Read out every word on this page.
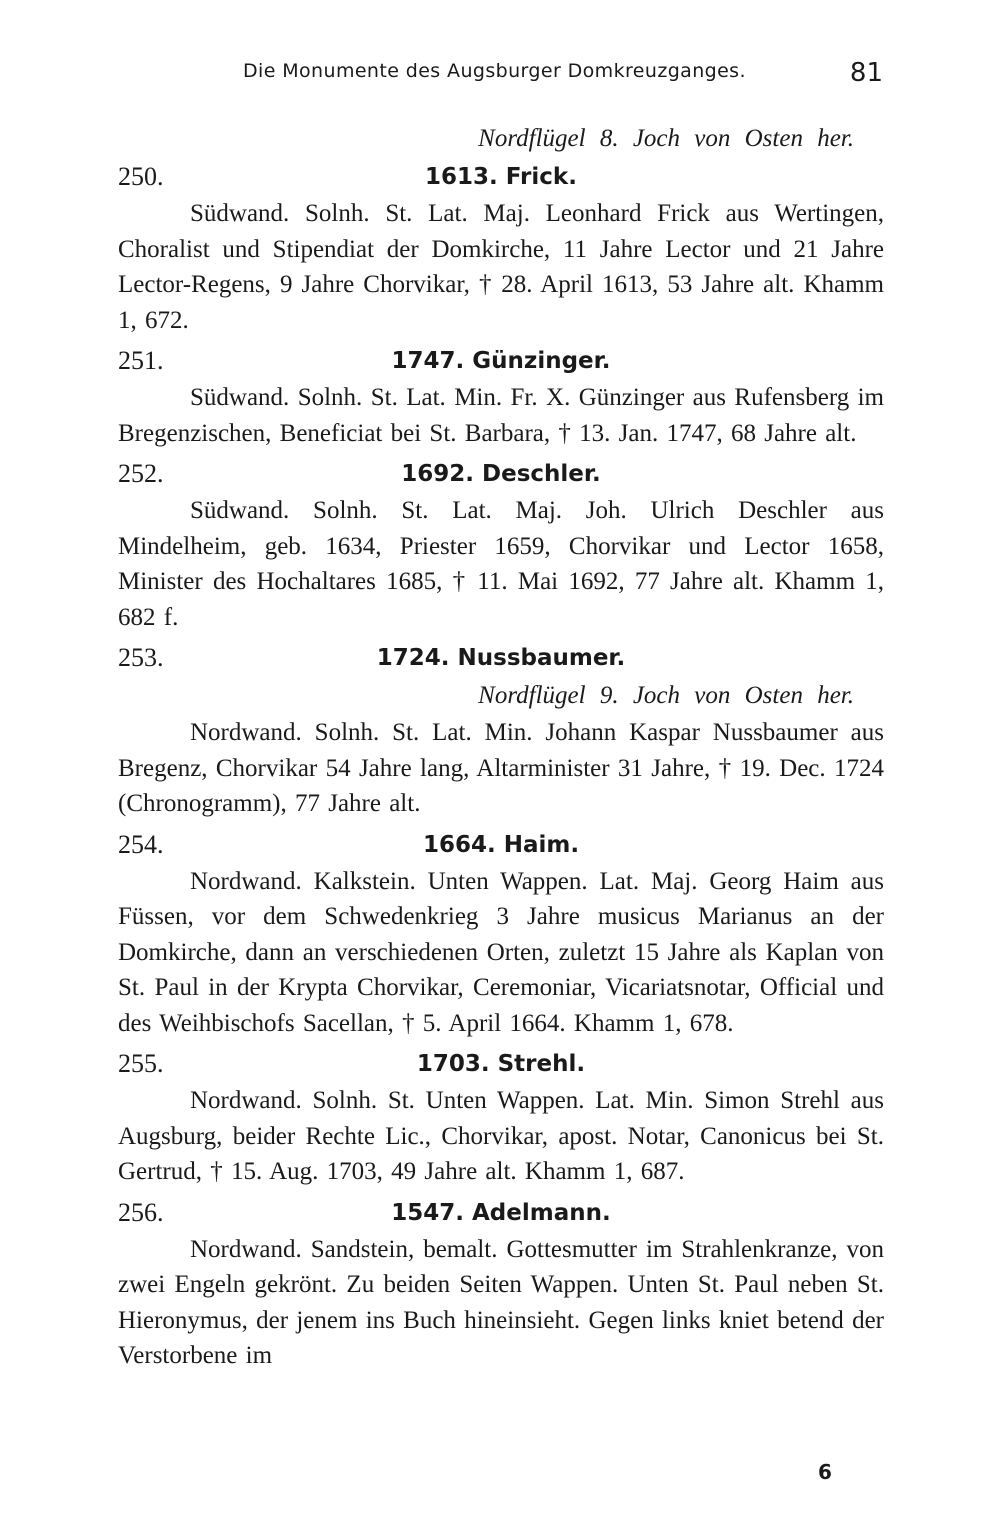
Die Monumente des Augsburger Domkreuzganges.	81
Nordflügel 8. Joch von Osten her.
250.	1613. Frick.

Südwand. Solnh. St. Lat. Maj. Leonhard Frick aus Wertingen, Choralist und Stipendiat der Domkirche, 11 Jahre Lector und 21 Jahre Lector-Regens, 9 Jahre Chorvikar, † 28. April 1613, 53 Jahre alt. Khamm 1, 672.

251.	1747. Günzinger.

Südwand. Solnh. St. Lat. Min. Fr. X. Günzinger aus Rufensberg im Bregenzischen, Beneficiat bei St. Barbara, † 13. Jan. 1747, 68 Jahre alt.

252.	1692. Deschler.

Südwand. Solnh. St. Lat. Maj. Joh. Ulrich Deschler aus Mindelheim, geb. 1634, Priester 1659, Chorvikar und Lector 1658, Minister des Hochaltares 1685, † 11. Mai 1692, 77 Jahre alt. Khamm 1, 682 f.

253.	1724. Nussbaumer.
Nordflügel 9. Joch von Osten her.

Nordwand. Solnh. St. Lat. Min. Johann Kaspar Nussbaumer aus Bregenz, Chorvikar 54 Jahre lang, Altarminister 31 Jahre, † 19. Dec. 1724 (Chronogramm), 77 Jahre alt.

254.	1664. Haim.

Nordwand. Kalkstein. Unten Wappen. Lat. Maj. Georg Haim aus Füssen, vor dem Schwedenkrieg 3 Jahre musicus Marianus an der Domkirche, dann an verschiedenen Orten, zuletzt 15 Jahre als Kaplan von St. Paul in der Krypta Chorvikar, Ceremoniar, Vicariatsnotar, Official und des Weihbischofs Sacellan, † 5. April 1664. Khamm 1, 678.

255.	1703. Strehl.

Nordwand. Solnh. St. Unten Wappen. Lat. Min. Simon Strehl aus Augsburg, beider Rechte Lic., Chorvikar, apost. Notar, Canonicus bei St. Gertrud, † 15. Aug. 1703, 49 Jahre alt. Khamm 1, 687.

256.	1547. Adelmann.

Nordwand. Sandstein, bemalt. Gottesmutter im Strahlenkranze, von zwei Engeln gekrönt. Zu beiden Seiten Wappen. Unten St. Paul neben St. Hieronymus, der jenem ins Buch hineinsieht. Gegen links kniet betend der Verstorbene im

6
